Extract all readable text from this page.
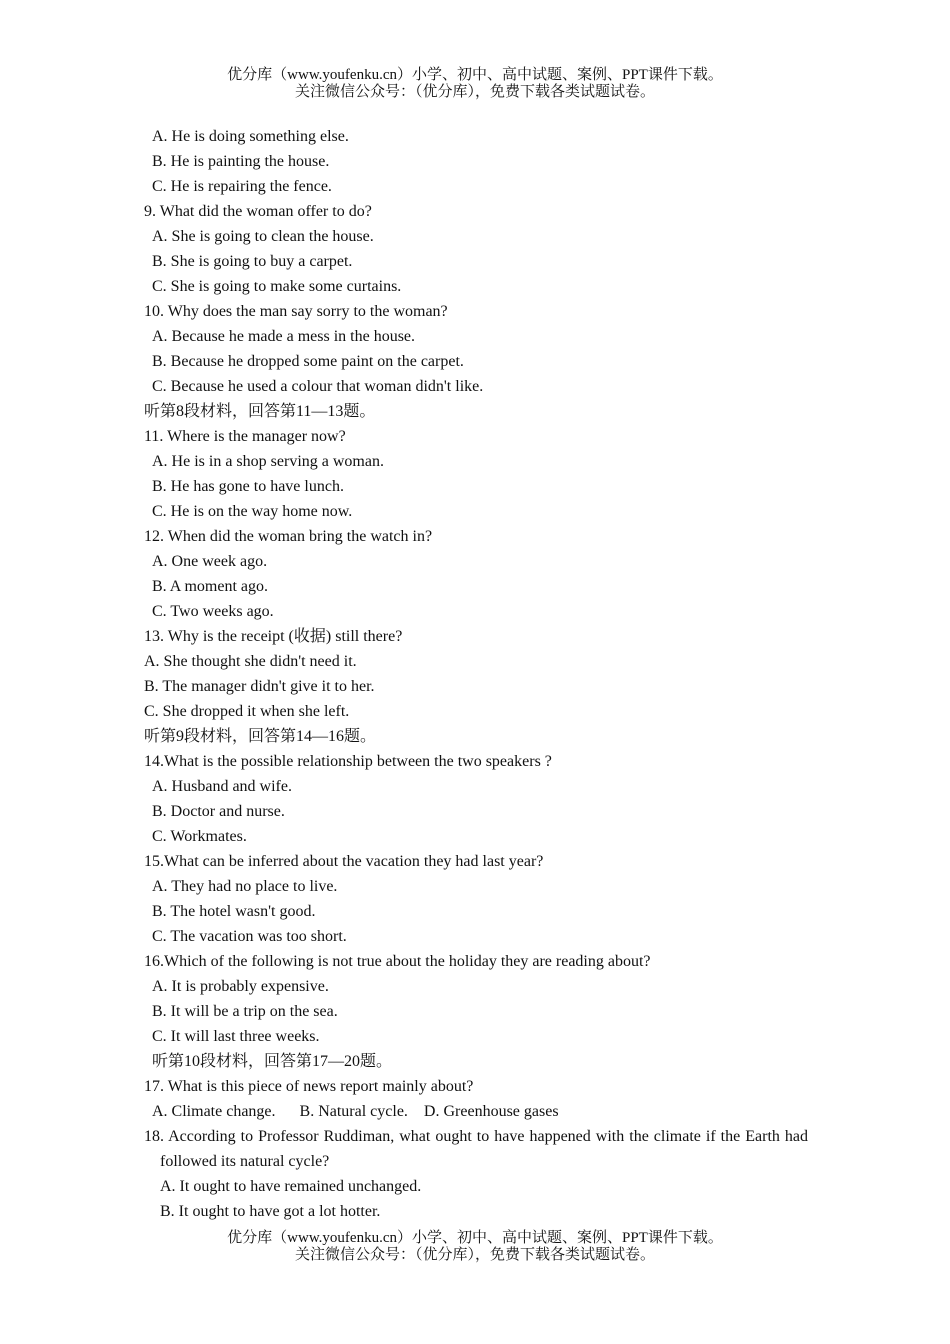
优分库（www.youfenku.cn）小学、初中、高中试题、案例、PPT课件下载。
关注微信公众号：（优分库），免费下载各类试题试卷。
A. He is doing something else.
B. He is painting the house.
C. He is repairing the fence.
9. What did the woman offer to do?
A. She is going to clean the house.
B. She is going to buy a carpet.
C. She is going to make some curtains.
10. Why does the man say sorry to the woman?
A. Because he made a mess in the house.
B. Because he dropped some paint on the carpet.
C. Because he used a colour that woman didn't like.
听第8段材料，回答第11—13题。
11. Where is the manager now?
A. He is in a shop serving a woman.
B. He has gone to have lunch.
C. He is on the way home now.
12. When did the woman bring the watch in?
A. One week ago.
B. A moment ago.
C. Two weeks ago.
13. Why is the receipt (收据) still there?
A. She thought she didn't need it.
B. The manager didn't give it to her.
C. She dropped it when she left.
听第9段材料，回答第14—16题。
14.What is the possible relationship between the two speakers ?
A. Husband and wife.
B. Doctor and nurse.
C. Workmates.
15.What can be inferred about the vacation they had last year?
A. They had no place to live.
B. The hotel wasn't good.
C. The vacation was too short.
16.Which of the following is not true about the holiday they are reading about?
A. It is probably expensive.
B. It will be a trip on the sea.
C. It will last three weeks.
听第10段材料，回答第17—20题。
17. What is this piece of news report mainly about?
A. Climate change. B. Natural cycle. D. Greenhouse gases
18. According to Professor Ruddiman, what ought to have happened with the climate if the Earth had followed its natural cycle?
A. It ought to have remained unchanged.
B. It ought to have got a lot hotter.
优分库（www.youfenku.cn）小学、初中、高中试题、案例、PPT课件下载。
关注微信公众号：（优分库），免费下载各类试题试卷。
